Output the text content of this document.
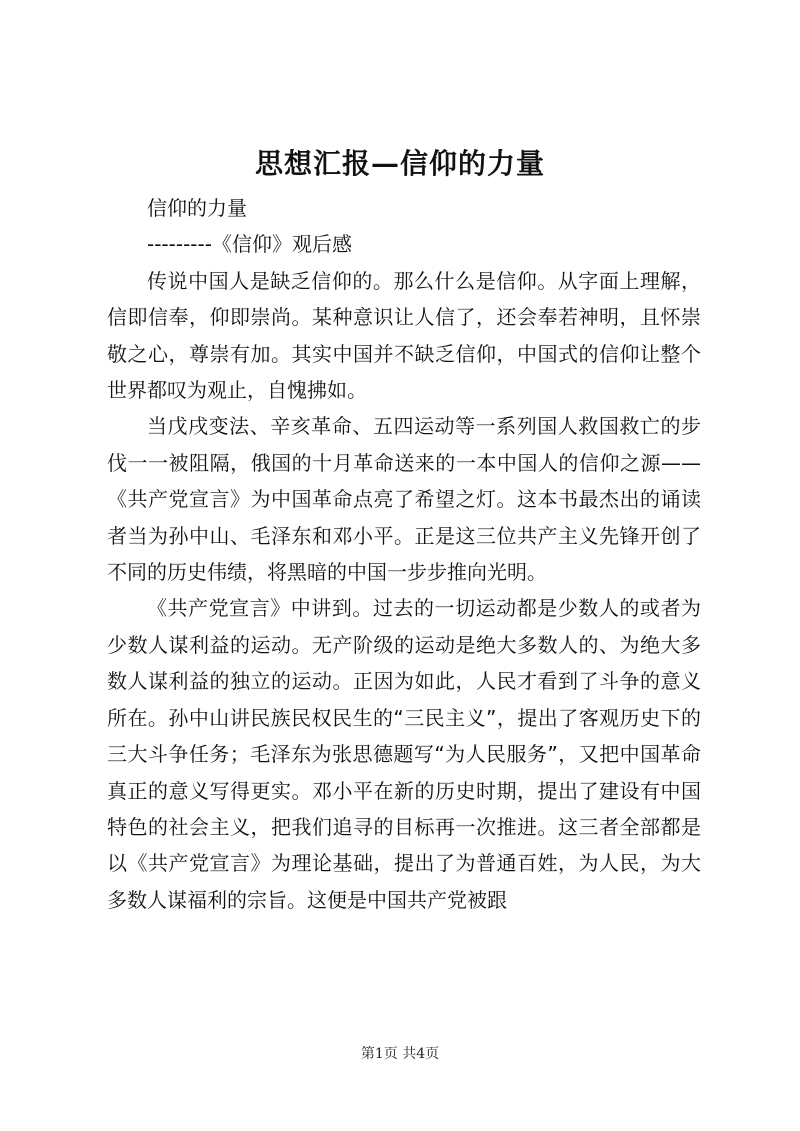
思想汇报—信仰的力量

信仰的力量

---------《信仰》观后感

传说中国人是缺乏信仰的。那么什么是信仰。从字面上理解，信即信奉，仰即崇尚。某种意识让人信了，还会奉若神明，且怀崇敬之心，尊崇有加。其实中国并不缺乏信仰，中国式的信仰让整个世界都叹为观止，自愧拂如。

当戊戌变法、辛亥革命、五四运动等一系列国人救国救亡的步伐一一被阻隔，俄国的十月革命送来的一本中国人的信仰之源——《共产党宣言》为中国革命点亮了希望之灯。这本书最杰出的诵读者当为孙中山、毛泽东和邓小平。正是这三位共产主义先锋开创了不同的历史伟绩，将黑暗的中国一步步推向光明。

《共产党宣言》中讲到。过去的一切运动都是少数人的或者为少数人谋利益的运动。无产阶级的运动是绝大多数人的、为绝大多数人谋利益的独立的运动。正因为如此，人民才看到了斗争的意义所在。孙中山讲民族民权民生的“三民主义”，提出了客观历史下的三大斗争任务；毛泽东为张思德题写“为人民服务”，又把中国革命真正的意义写得更实。邓小平在新的历史时期，提出了建设有中国特色的社会主义，把我们追寻的目标再一次推进。这三者全部都是以《共产党宣言》为理论基础，提出了为普通百姓，为人民，为大多数人谋福利的宗旨。这便是中国共产党被跟

第1页 共4页
